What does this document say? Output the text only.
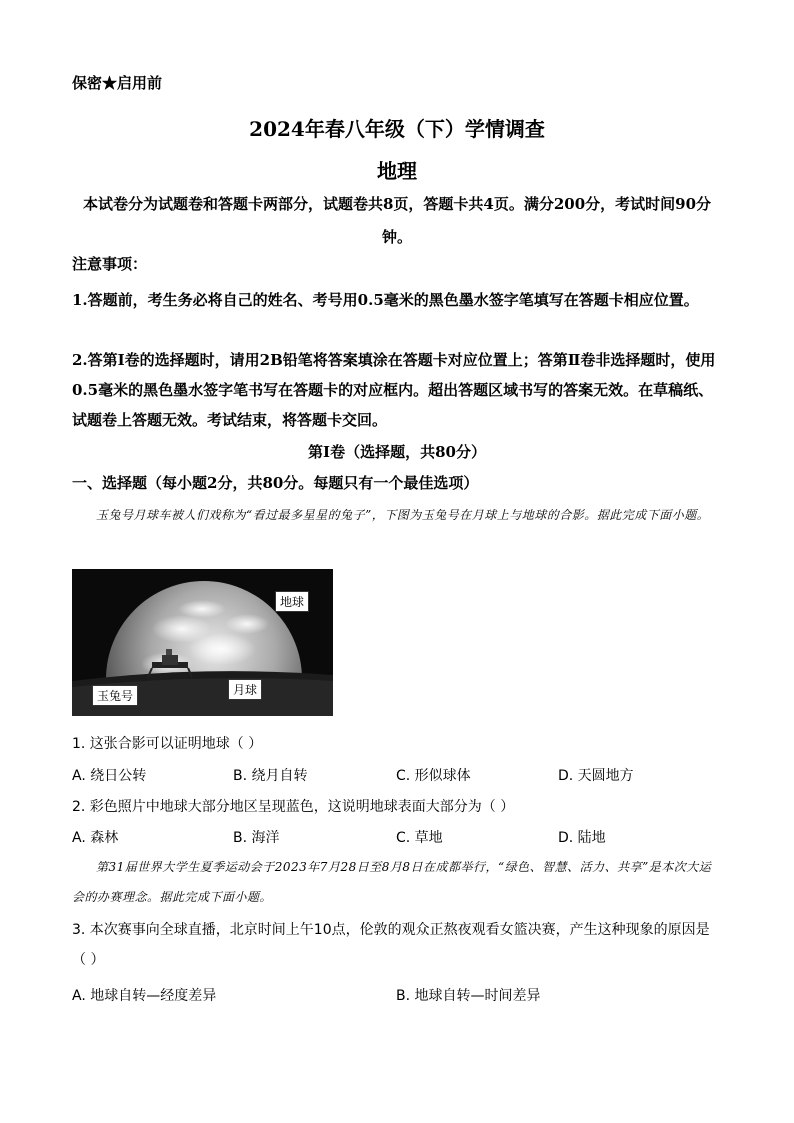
保密★启用前
2024年春八年级（下）学情调查
地理
本试卷分为试题卷和答题卡两部分，试题卷共8页，答题卡共4页。满分200分，考试时间90分钟。
注意事项：
1.答题前，考生务必将自己的姓名、考号用0.5毫米的黑色墨水签字笔填写在答题卡相应位置。
2.答第Ⅰ卷的选择题时，请用2B铅笔将答案填涂在答题卡对应位置上；答第Ⅱ卷非选择题时，使用0.5毫米的黑色墨水签字笔书写在答题卡的对应框内。超出答题区域书写的答案无效。在草稿纸、试题卷上答题无效。考试结束，将答题卡交回。
第Ⅰ卷（选择题，共80分）
一、选择题（每小题2分，共80分。每题只有一个最佳选项）
玉兔号月球车被人们戏称为“看过最多星星的兔子”，下图为玉兔号在月球上与地球的合影。据此完成下面小题。
地球
玉兔号	月球
1. 这张合影可以证明地球（ ）
A. 绕日公转	B. 绕月自转	C. 形似球体	D. 天圆地方
2. 彩色照片中地球大部分地区呈现蓝色，这说明地球表面大部分为（ ）
A. 森林	B. 海洋	C. 草地	D. 陆地
第31届世界大学生夏季运动会于2023年7月28日至8月8日在成都举行，“绿色、智慧、活力、共享”是本次大运会的办赛理念。据此完成下面小题。
3. 本次赛事向全球直播，北京时间上午10点，伦敦的观众正熬夜观看女篮决赛，产生这种现象的原因是（ ）
A. 地球自转—经度差异	B. 地球自转—时间差异
